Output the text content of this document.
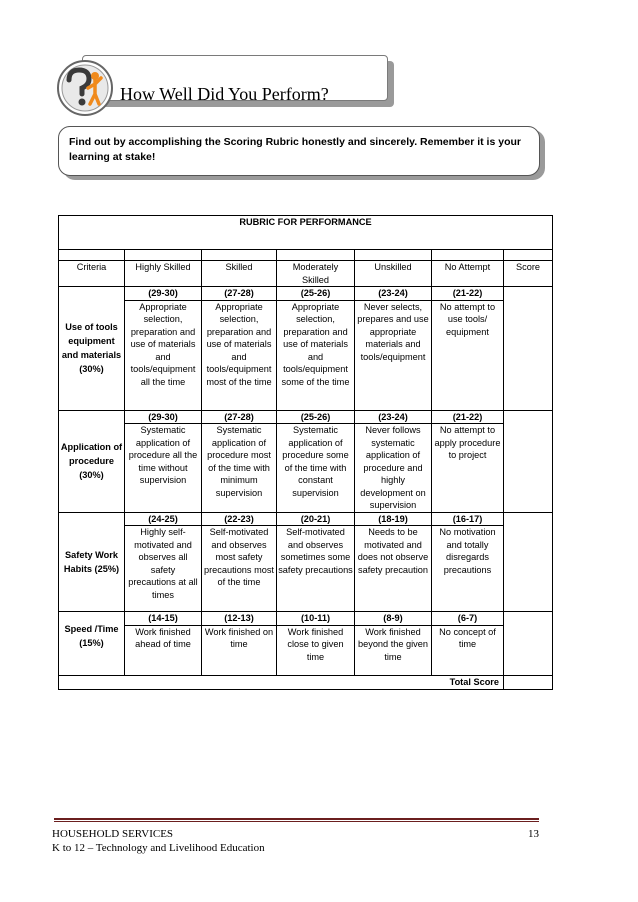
How Well Did You Perform?
Find out by accomplishing the Scoring Rubric honestly and sincerely. Remember it is your learning at stake!
RUBRIC FOR PERFORMANCE						

Criteria	Highly Skilled	Skilled	Moderately Skilled	Unskilled	No Attempt	Score
Use of tools equipment and materials (30%)	(29-30)	(27-28)	(25-26)	(23-24)	(21-22)	
	Appropriate selection, preparation and use of materials and tools/equipment all the time	Appropriate selection, preparation and use of materials and tools/equipment most of the time	Appropriate selection, preparation and use of materials and tools/equipment some of the time	Never selects, prepares and use appropriate materials and tools/equipment	No attempt to use tools/ equipment	
Application of procedure (30%)	(29-30)	(27-28)	(25-26)	(23-24)	(21-22)	
	Systematic application of procedure all the time without supervision	Systematic application of procedure most of the time with minimum supervision	Systematic application of procedure some of the time with constant supervision	Never follows systematic application of procedure and highly development on supervision	No attempt to apply procedure to project	
Safety Work Habits (25%)	(24-25)	(22-23)	(20-21)	(18-19)	(16-17)	
	Highly self-motivated and observes all safety precautions at all times	Self-motivated and observes most safety precautions most of the time	Self-motivated and observes sometimes some safety precautions	Needs to be motivated and does not observe safety precaution	No motivation and totally disregards precautions	
Speed /Time (15%)	(14-15)	(12-13)	(10-11)	(8-9)	(6-7)	
	Work finished ahead of time	Work finished on time	Work finished close to given time	Work finished beyond the given time	No concept of time	
Total Score						
HOUSEHOLD SERVICES
K to 12 – Technology and Livelihood Education
13
